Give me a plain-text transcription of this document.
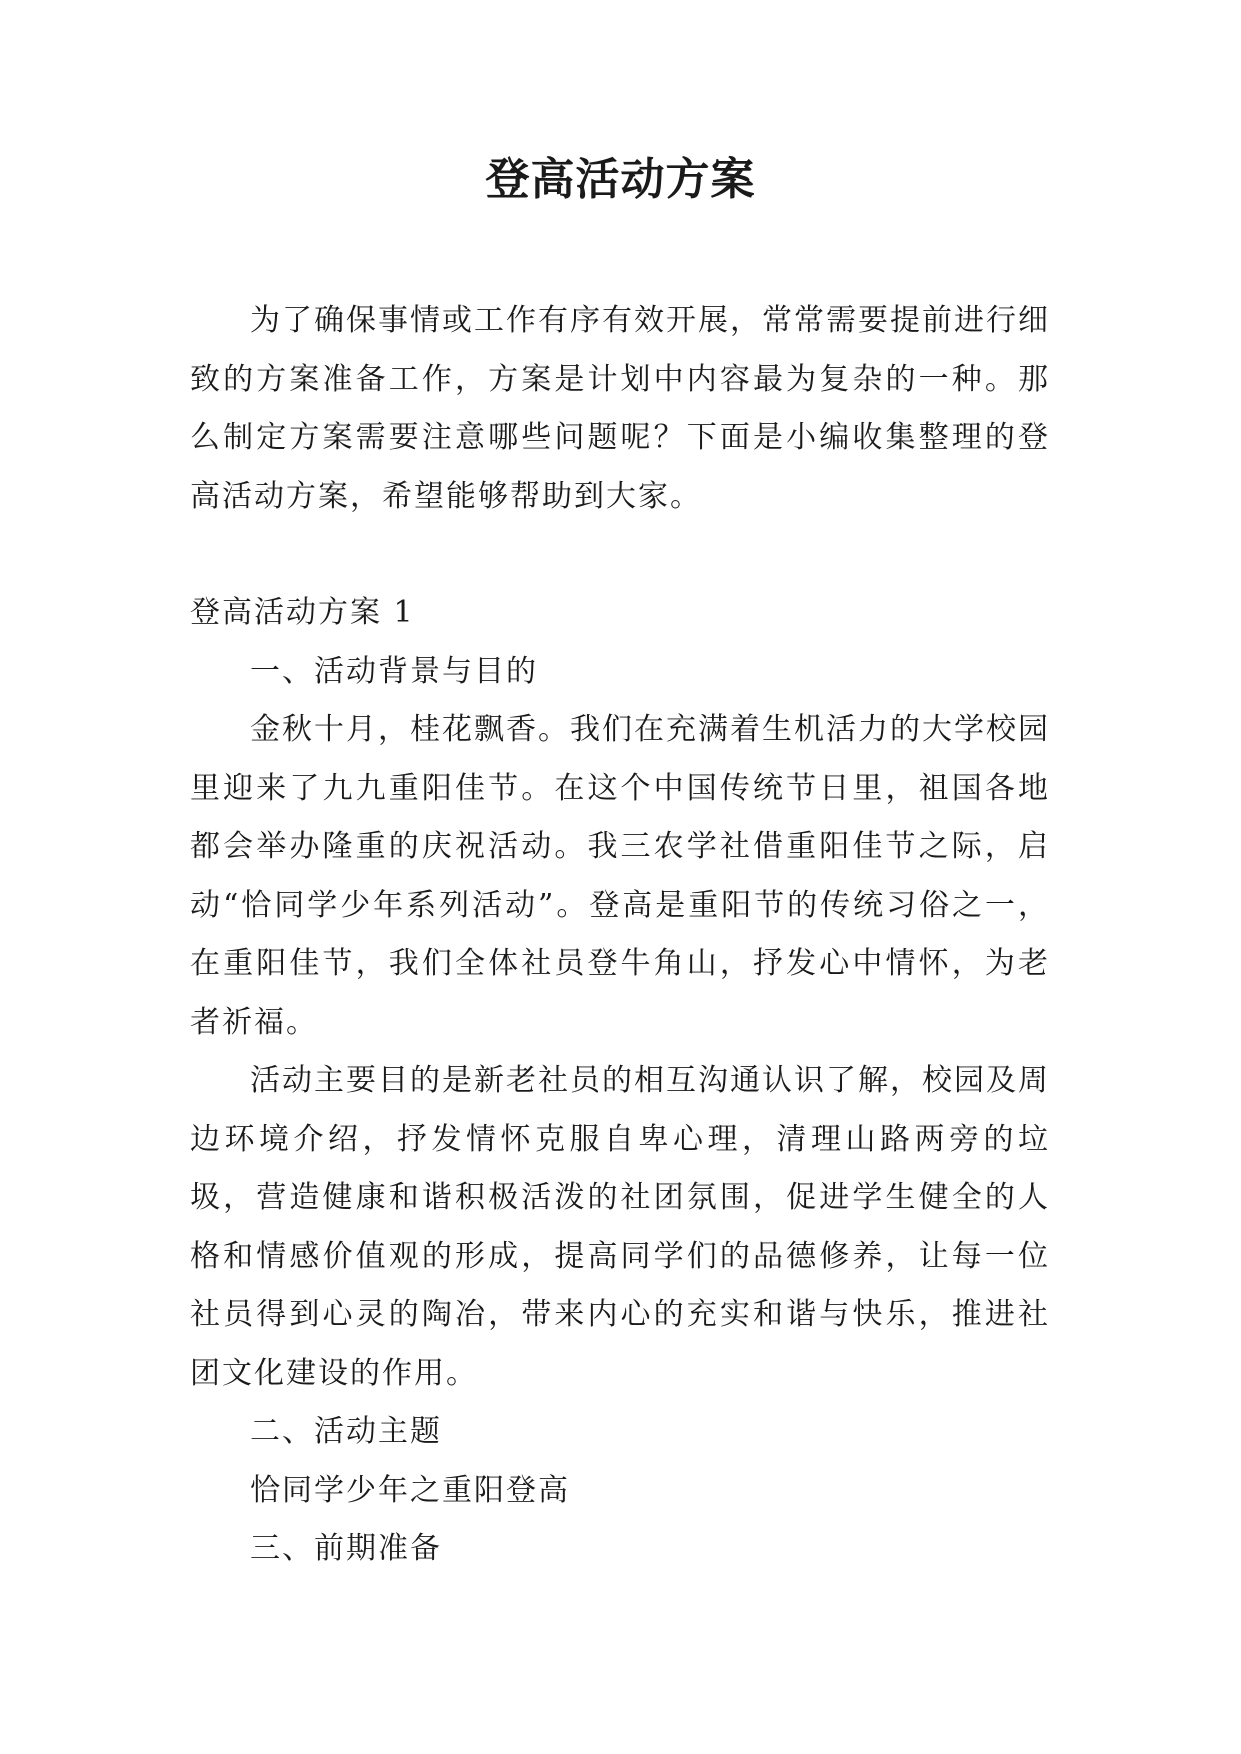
登高活动方案

为了确保事情或工作有序有效开展，常常需要提前进行细致的方案准备工作，方案是计划中内容最为复杂的一种。那么制定方案需要注意哪些问题呢？下面是小编收集整理的登高活动方案，希望能够帮助到大家。

登高活动方案 1

一、活动背景与目的

金秋十月，桂花飘香。我们在充满着生机活力的大学校园里迎来了九九重阳佳节。在这个中国传统节日里，祖国各地都会举办隆重的庆祝活动。我三农学社借重阳佳节之际，启动“恰同学少年系列活动”。登高是重阳节的传统习俗之一， 在重阳佳节，我们全体社员登牛角山，抒发心中情怀，为老者祈福。

活动主要目的是新老社员的相互沟通认识了解，校园及周边环境介绍，抒发情怀克服自卑心理，清理山路两旁的垃圾，营造健康和谐积极活泼的社团氛围，促进学生健全的人格和情感价值观的形成，提高同学们的品德修养，让每一位社员得到心灵的陶冶，带来内心的充实和谐与快乐，推进社团文化建设的作用。

二、活动主题

恰同学少年之重阳登高

三、前期准备
